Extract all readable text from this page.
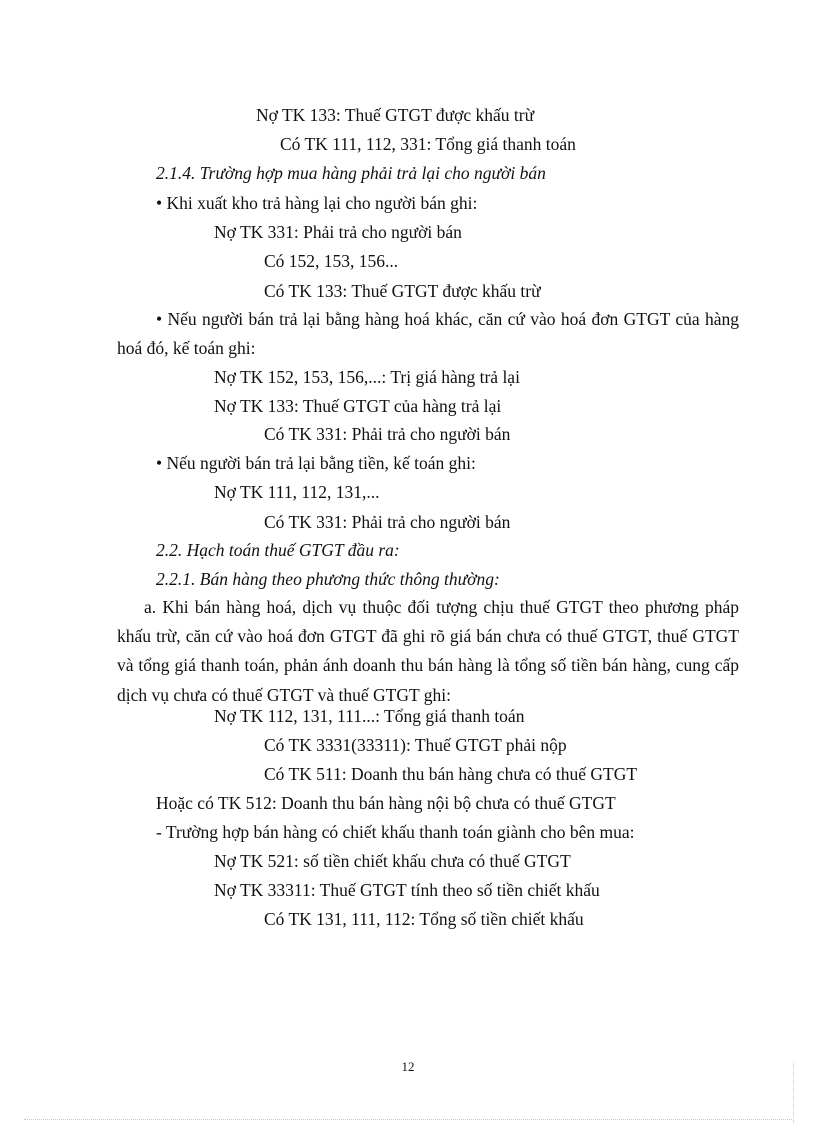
Nợ TK 133: Thuế GTGT được khấu trừ
Có TK 111, 112, 331: Tổng giá thanh toán
2.1.4. Trường hợp mua hàng phải trả lại cho người bán
• Khi xuất kho trả hàng lại cho người bán ghi:
Nợ TK 331: Phải trả cho người bán
Có 152, 153, 156...
Có TK 133: Thuế GTGT được khấu trừ
• Nếu người bán trả lại bằng hàng hoá khác, căn cứ vào hoá đơn GTGT của hàng hoá đó, kế toán ghi:
Nợ TK 152, 153, 156,...: Trị giá hàng trả lại
Nợ TK 133: Thuế GTGT của hàng trả lại
Có TK 331: Phải trả cho người bán
• Nếu người bán trả lại bằng tiền, kế toán ghi:
Nợ TK 111, 112, 131,...
Có TK 331: Phải trả cho người bán
2.2. Hạch toán thuế GTGT đầu ra:
2.2.1. Bán hàng theo phương thức thông thường:
a. Khi bán hàng hoá, dịch vụ thuộc đối tượng chịu thuế GTGT theo phương pháp khấu trừ, căn cứ vào hoá đơn GTGT đã ghi rõ giá bán chưa có thuế GTGT, thuế GTGT và tổng giá thanh toán, phản ánh doanh thu bán hàng là tổng số tiền bán hàng, cung cấp dịch vụ chưa có thuế GTGT và thuế GTGT ghi:
Nợ TK 112, 131, 111...: Tổng giá thanh toán
Có TK 3331(33311): Thuế GTGT phải nộp
Có TK 511: Doanh thu bán hàng chưa có thuế GTGT
Hoặc có TK 512: Doanh thu bán hàng nội bộ chưa có thuế GTGT
- Trường hợp bán hàng có chiết khấu thanh toán giành cho bên mua:
Nợ TK 521: số tiền chiết khấu chưa có thuế GTGT
Nợ TK 33311: Thuế GTGT tính theo số tiền chiết khấu
Có TK 131, 111, 112: Tổng số tiền chiết khấu
12
